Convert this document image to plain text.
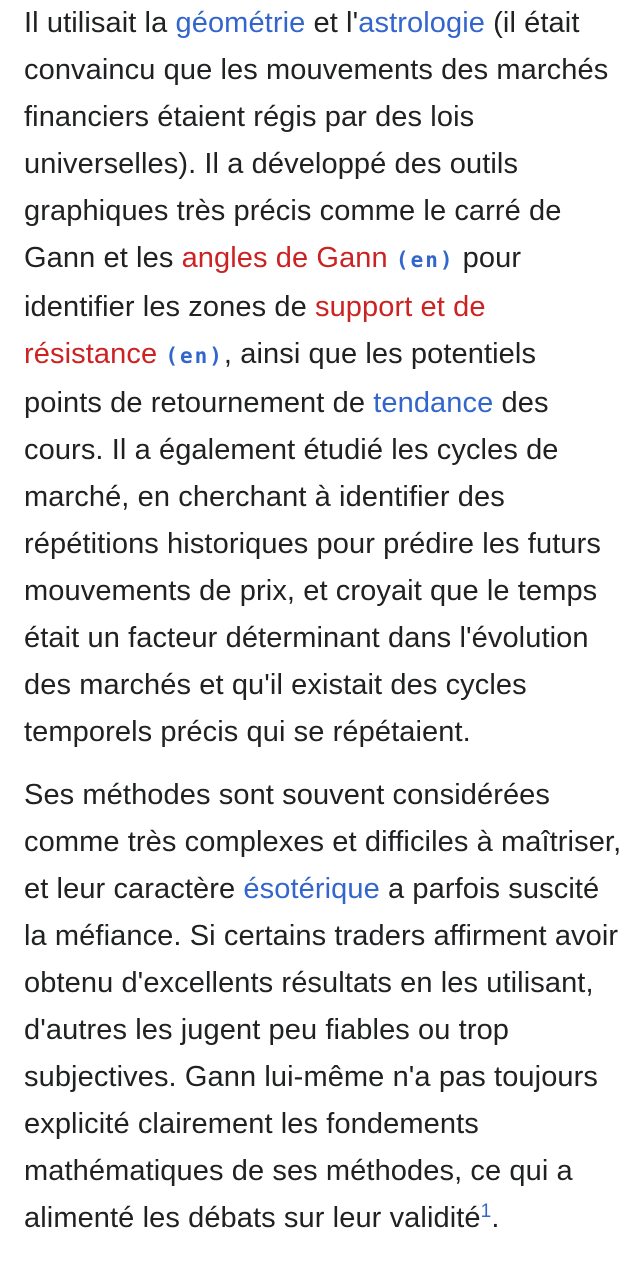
Il utilisait la géométrie et l'astrologie (il était convaincu que les mouvements des marchés financiers étaient régis par des lois universelles). Il a développé des outils graphiques très précis comme le carré de Gann et les angles de Gann (en) pour identifier les zones de support et de résistance (en), ainsi que les potentiels points de retournement de tendance des cours. Il a également étudié les cycles de marché, en cherchant à identifier des répétitions historiques pour prédire les futurs mouvements de prix, et croyait que le temps était un facteur déterminant dans l'évolution des marchés et qu'il existait des cycles temporels précis qui se répétaient.

Ses méthodes sont souvent considérées comme très complexes et difficiles à maîtriser, et leur caractère ésotérique a parfois suscité la méfiance. Si certains traders affirment avoir obtenu d'excellents résultats en les utilisant, d'autres les jugent peu fiables ou trop subjectives. Gann lui-même n'a pas toujours explicité clairement les fondements mathématiques de ses méthodes, ce qui a alimenté les débats sur leur validité$^1$.
